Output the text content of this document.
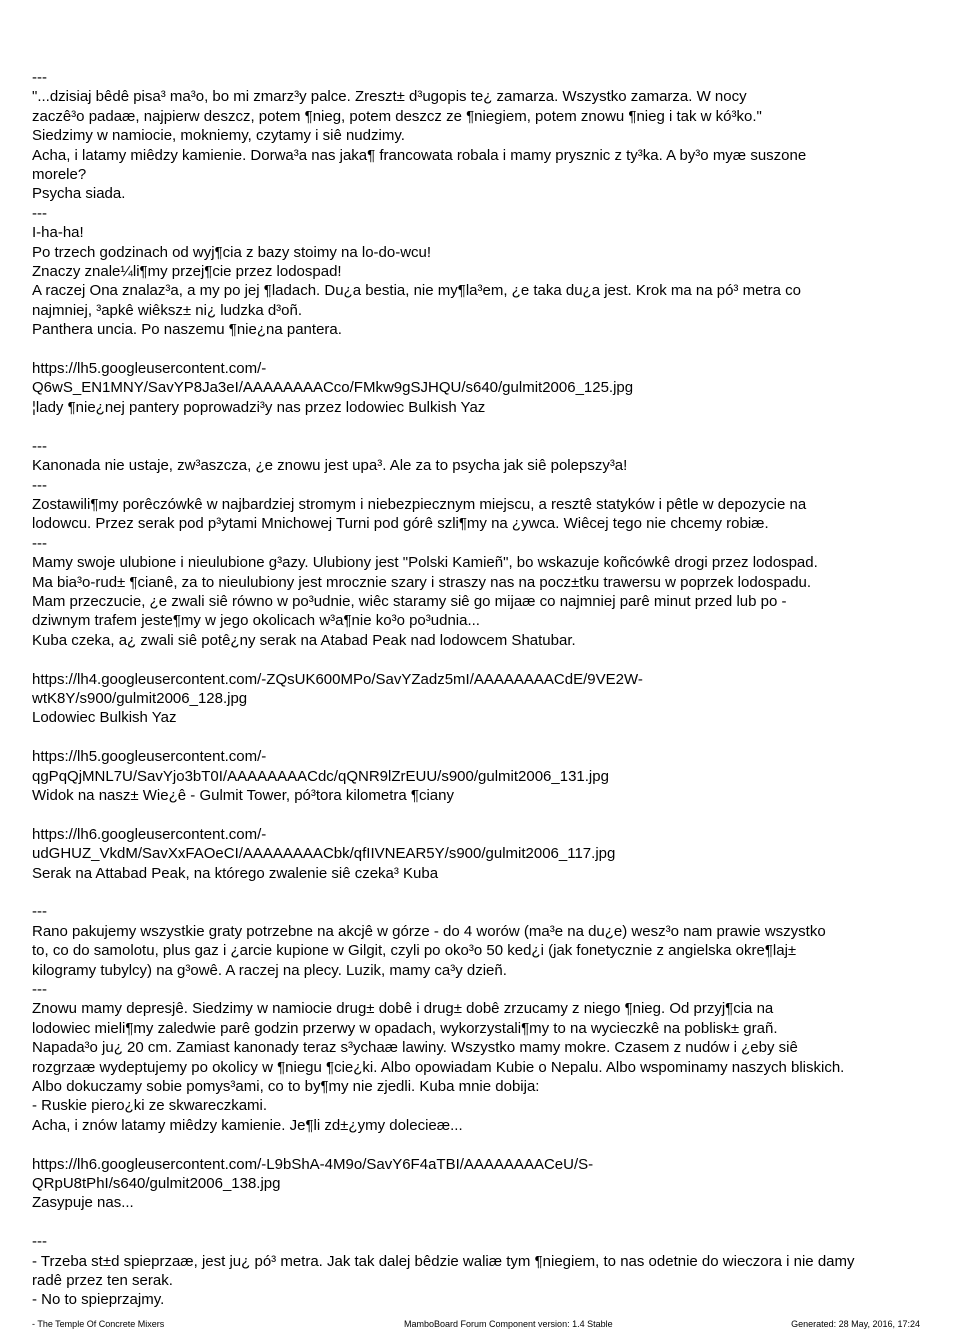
---
"...dzisiaj bêdê pisa³ ma³o, bo mi zmarz³y palce. Zreszt± d³ugopis te¿ zamarza. Wszystko zamarza. W nocy
zaczê³o padaæ, najpierw deszcz, potem ¶nieg, potem deszcz ze ¶niegiem, potem znowu ¶nieg i tak w kó³ko."
Siedzimy w namiocie, mokniemy, czytamy i siê nudzimy.
Acha, i latamy miêdzy kamienie. Dorwa³a nas jaka¶ francowata robala i mamy prysznic z ty³ka. A by³o myæ suszone
morele?
Psycha siada.
---
I-ha-ha!
Po trzech godzinach od wyj¶cia z bazy stoimy na lo-do-wcu!
Znaczy znale¼li¶my przej¶cie przez lodospad!
A raczej Ona znalaz³a, a my po jej ¶ladach. Du¿a bestia, nie my¶la³em, ¿e taka du¿a jest. Krok ma na pó³ metra co
najmniej, ³apkê wiêksz± ni¿ ludzka d³oñ.
Panthera uncia. Po naszemu ¶nie¿na pantera.
https://lh5.googleusercontent.com/-
Q6wS_EN1MNY/SavYP8Ja3eI/AAAAAAAACco/FMkw9gSJHQU/s640/gulmit2006_125.jpg
¦lady ¶nie¿nej pantery poprowadzi³y nas przez lodowiec Bulkish Yaz
---
Kanonada nie ustaje, zw³aszcza, ¿e znowu jest upa³. Ale za to psycha jak siê polepszy³a!
---
Zostawili¶my porêczówkê w najbardziej stromym i niebezpiecznym miejscu, a resztê statyków i pêtle w depozycie na
lodowcu. Przez serak pod p³ytami Mnichowej Turni pod górê szli¶my na ¿ywca. Wiêcej tego nie chcemy robiæ.
---
Mamy swoje ulubione i nieulubione g³azy. Ulubiony jest "Polski Kamieñ", bo wskazuje koñcówkê drogi przez lodospad.
Ma bia³o-rud± ¶cianê, za to nieulubiony jest mrocznie szary i straszy nas na pocz±tku trawersu w poprzek lodospadu.
Mam przeczucie, ¿e zwali siê równo w po³udnie, wiêc staramy siê go mijaæ co najmniej parê minut przed lub po -
dziwnym trafem jeste¶my w jego okolicach w³a¶nie ko³o po³udnia...
Kuba czeka, a¿ zwali siê potê¿ny serak na Atabad Peak nad lodowcem Shatubar.
https://lh4.googleusercontent.com/-ZQsUK600MPo/SavYZadz5mI/AAAAAAAACdE/9VE2W-
wtK8Y/s900/gulmit2006_128.jpg
Lodowiec Bulkish Yaz
https://lh5.googleusercontent.com/-
qgPqQjMNL7U/SavYjo3bT0I/AAAAAAAACdc/qQNR9lZrEUU/s900/gulmit2006_131.jpg
Widok na nasz± Wie¿ê - Gulmit Tower, pó³tora kilometra ¶ciany
https://lh6.googleusercontent.com/-
udGHUZ_VkdM/SavXxFAOeCI/AAAAAAAACbk/qfIIVNEAR5Y/s900/gulmit2006_117.jpg
Serak na Attabad Peak, na którego zwalenie siê czeka³ Kuba
---
Rano pakujemy wszystkie graty potrzebne na akcjê w górze - do 4 worów (ma³e na du¿e) wesz³o nam prawie wszystko
to, co do samolotu, plus gaz i ¿arcie kupione w Gilgit, czyli po oko³o 50 ked¿i (jak fonetycznie z angielska okre¶laj±
kilogramy tubylcy) na g³owê. A raczej na plecy. Luzik, mamy ca³y dzieñ.
---
Znowu mamy depresjê. Siedzimy w namiocie drug± dobê i drug± dobê zrzucamy z niego ¶nieg. Od przyj¶cia na
lodowiec mieli¶my zaledwie parê godzin przerwy w opadach, wykorzystali¶my to na wycieczkê na poblisk± grañ.
Napada³o ju¿ 20 cm. Zamiast kanonady teraz s³ychaæ lawiny. Wszystko mamy mokre. Czasem z nudów i ¿eby siê
rozgrzaæ wydeptujemy po okolicy w ¶niegu ¶cie¿ki. Albo opowiadam Kubie o Nepalu. Albo wspominamy naszych bliskich.
Albo dokuczamy sobie pomys³ami, co to by¶my nie zjedli. Kuba mnie dobija:
- Ruskie piero¿ki ze skwareczkami.
Acha, i znów latamy miêdzy kamienie. Je¶li zd±¿ymy dolecieæ...
https://lh6.googleusercontent.com/-L9bShA-4M9o/SavY6F4aTBI/AAAAAAAACeU/S-
QRpU8tPhI/s640/gulmit2006_138.jpg
Zasypuje nas...
---
- Trzeba st±d spieprzaæ, jest ju¿ pó³ metra. Jak tak dalej bêdzie waliæ tym ¶niegiem, to nas odetnie do wieczora i nie damy
radê przez ten serak.
- No to spieprzajmy.
- The Temple Of Concrete Mixers	MamboBoard Forum Component version: 1.4 Stable	Generated: 28 May, 2016, 17:24
